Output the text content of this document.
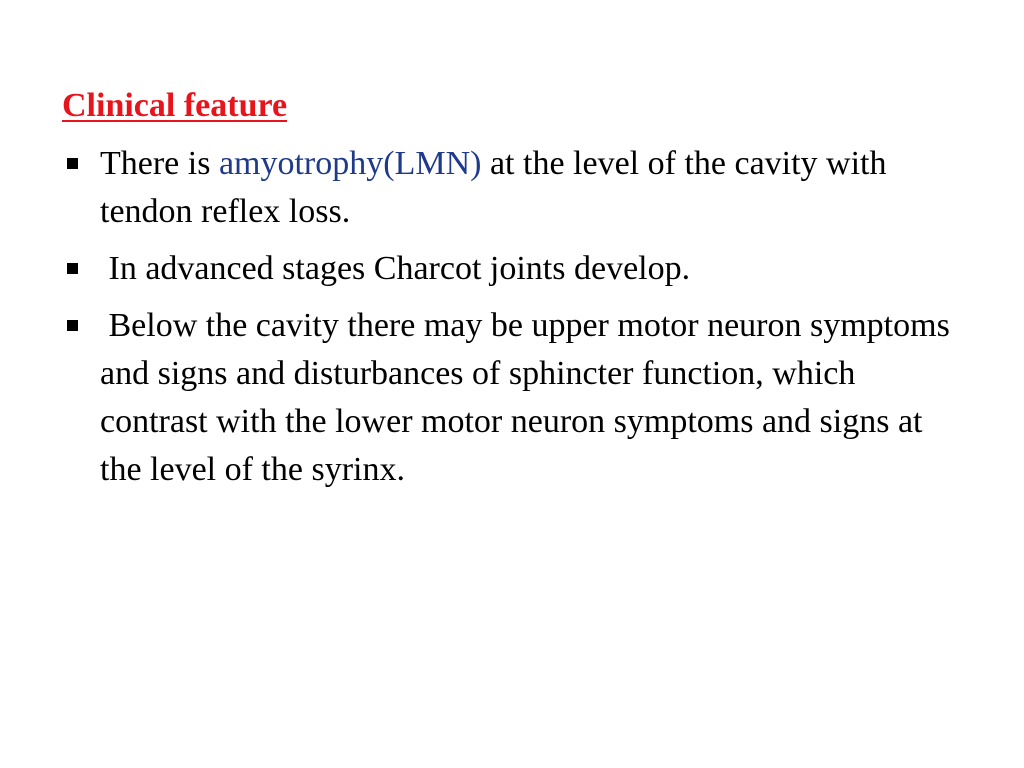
Clinical feature
There is amyotrophy(LMN) at the level of the cavity with tendon reflex loss.
In advanced stages Charcot joints develop.
Below the cavity there may be upper motor neuron symptoms and signs and disturbances of sphincter function, which contrast with the lower motor neuron symptoms and signs at the level of the syrinx.
